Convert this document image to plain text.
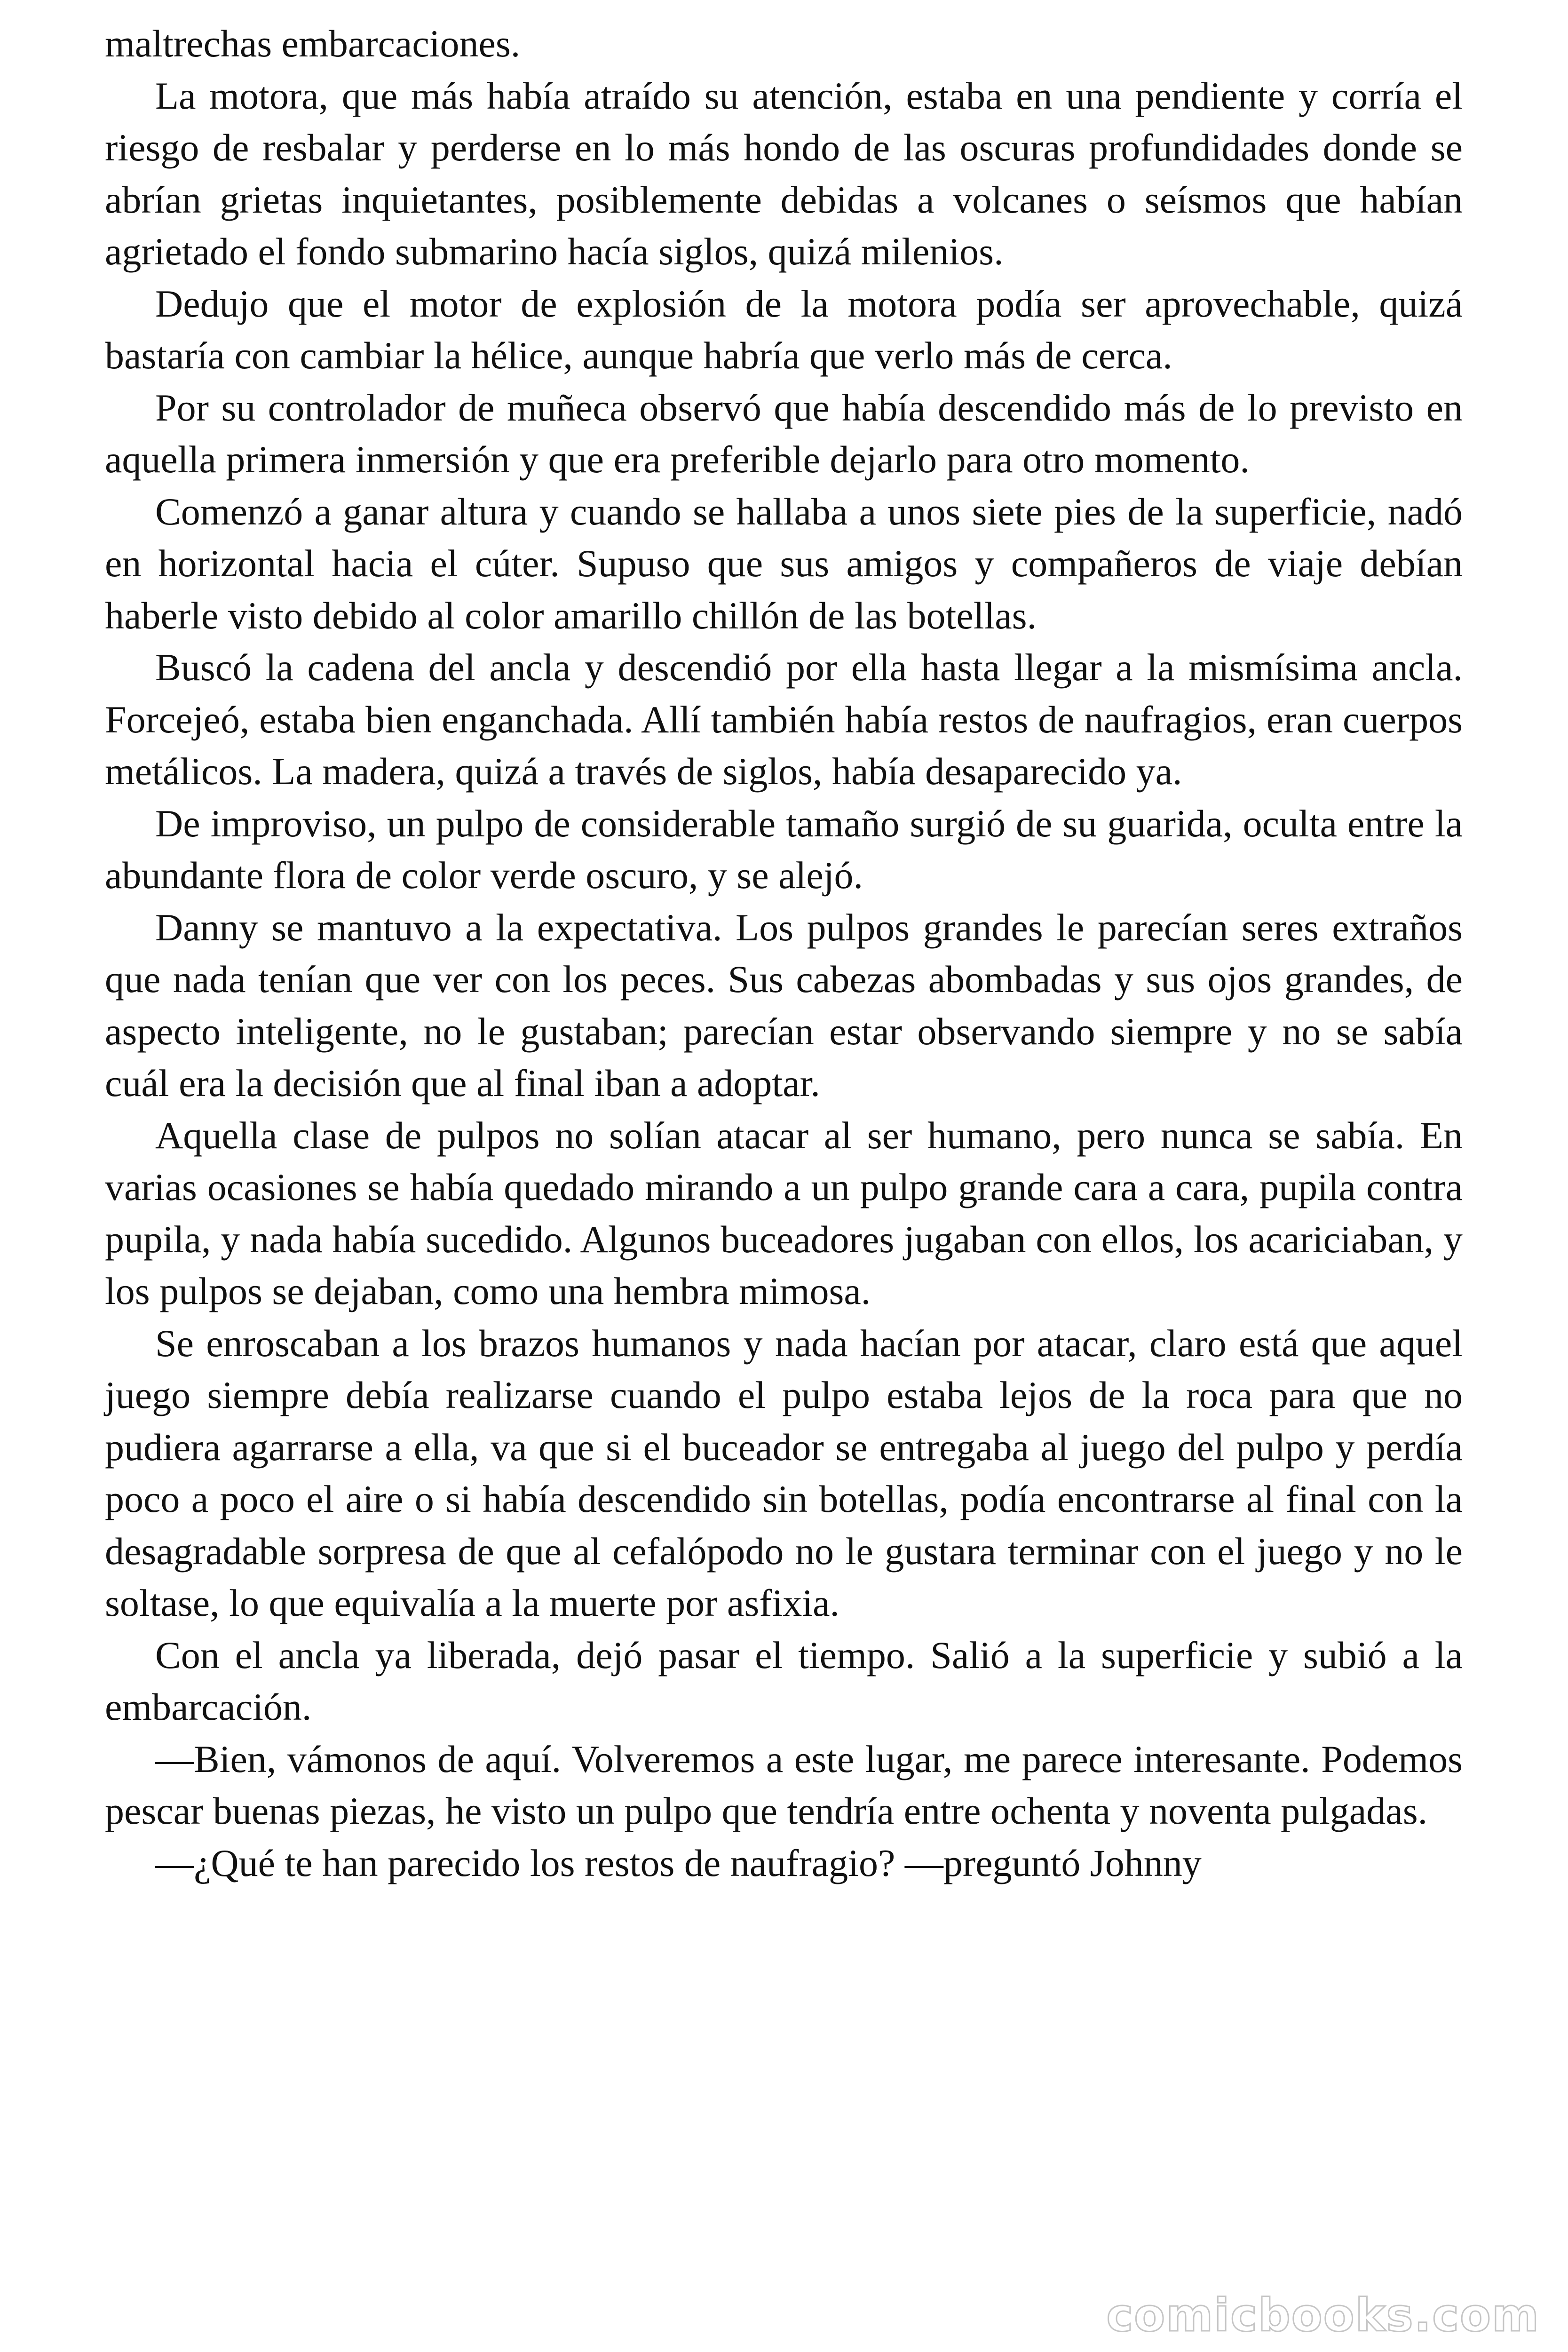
maltrechas embarcaciones.

La motora, que más había atraído su atención, estaba en una pendiente y corría el riesgo de resbalar y perderse en lo más hondo de las oscuras profundidades donde se abrían grietas inquietantes, posiblemente debidas a volcanes o seísmos que habían agrietado el fondo submarino hacía siglos, quizá milenios.

Dedujo que el motor de explosión de la motora podía ser aprovechable, quizá bastaría con cambiar la hélice, aunque habría que verlo más de cerca.

Por su controlador de muñeca observó que había descendido más de lo previsto en aquella primera inmersión y que era preferible dejarlo para otro momento.

Comenzó a ganar altura y cuando se hallaba a unos siete pies de la superficie, nadó en horizontal hacia el cúter. Supuso que sus amigos y compañeros de viaje debían haberle visto debido al color amarillo chillón de las botellas.

Buscó la cadena del ancla y descendió por ella hasta llegar a la mismísima ancla. Forcejeó, estaba bien enganchada. Allí también había restos de naufragios, eran cuerpos metálicos. La madera, quizá a través de siglos, había desaparecido ya.

De improviso, un pulpo de considerable tamaño surgió de su guarida, oculta entre la abundante flora de color verde oscuro, y se alejó.

Danny se mantuvo a la expectativa. Los pulpos grandes le parecían seres extraños que nada tenían que ver con los peces. Sus cabezas abombadas y sus ojos grandes, de aspecto inteligente, no le gustaban; parecían estar observando siempre y no se sabía cuál era la decisión que al final iban a adoptar.

Aquella clase de pulpos no solían atacar al ser humano, pero nunca se sabía. En varias ocasiones se había quedado mirando a un pulpo grande cara a cara, pupila contra pupila, y nada había sucedido. Algunos buceadores jugaban con ellos, los acariciaban, y los pulpos se dejaban, como una hembra mimosa.

Se enroscaban a los brazos humanos y nada hacían por atacar, claro está que aquel juego siempre debía realizarse cuando el pulpo estaba lejos de la roca para que no pudiera agarrarse a ella, va que si el buceador se entregaba al juego del pulpo y perdía poco a poco el aire o si había descendido sin botellas, podía encontrarse al final con la desagradable sorpresa de que al cefalópodo no le gustara terminar con el juego y no le soltase, lo que equivalía a la muerte por asfixia.

Con el ancla ya liberada, dejó pasar el tiempo. Salió a la superficie y subió a la embarcación.

—Bien, vámonos de aquí. Volveremos a este lugar, me parece interesante. Podemos pescar buenas piezas, he visto un pulpo que tendría entre ochenta y noventa pulgadas.

—¿Qué te han parecido los restos de naufragio? —preguntó Johnny

comicbooks.com
